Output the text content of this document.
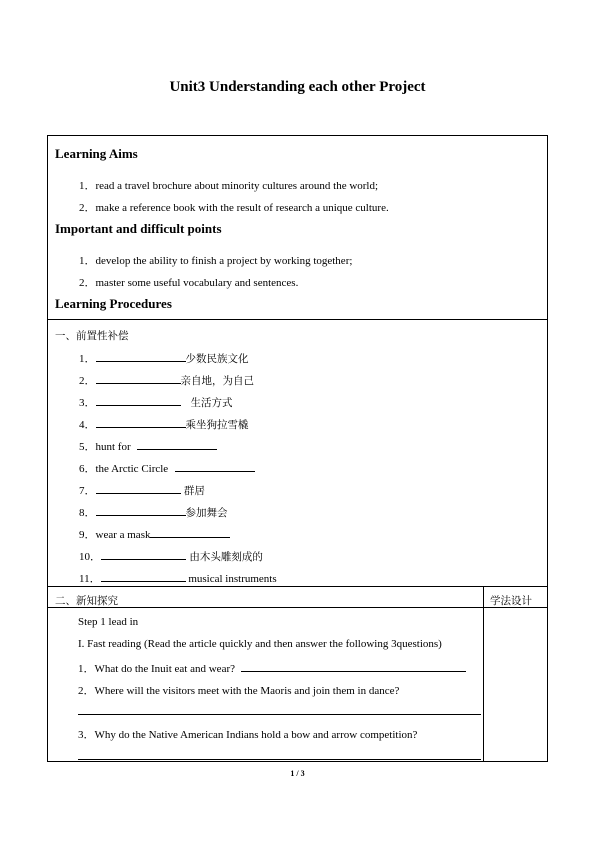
Unit3 Understanding each other Project
Learning Aims
1．read a travel brochure about minority cultures around the world;
2．make a reference book with the result of research a unique culture.
Important and difficult points
1．develop the ability to finish a project by working together;
2．master some useful vocabulary and sentences.
Learning Procedures
一、前置性补偿
1．	少数民族文化
2．	亲自地，为自己
3．	生活方式
4．	乘坐狗拉雪橇
5．hunt for
6．the Arctic Circle
7．	群居
8．	参加舞会
9．wear a mask
10．	由木头雕刻成的
11．	musical instruments
二、新知探究	学法设计
Step 1 lead in
I. Fast reading (Read the article quickly and then answer the following 3questions)
1．What do the Inuit eat and wear?
2．Where will the visitors meet with the Maoris and join them in dance?
3．Why do the Native American Indians hold a bow and arrow competition?
1 / 3
